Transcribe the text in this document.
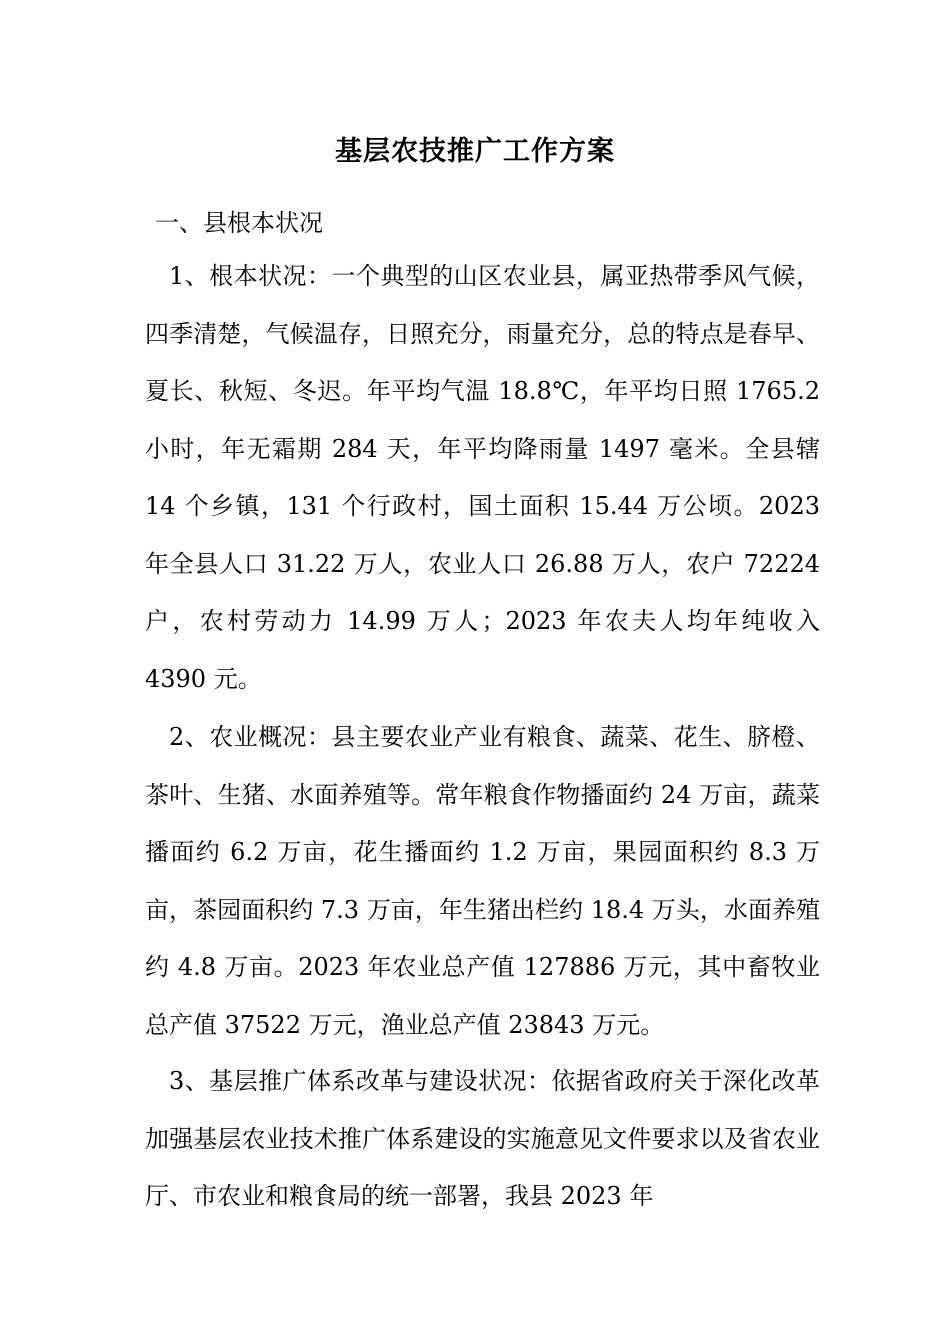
基层农技推广工作方案
一、县根本状况

1、根本状况：一个典型的山区农业县，属亚热带季风气候，四季清楚，气候温存，日照充分，雨量充分，总的特点是春早、夏长、秋短、冬迟。年平均气温 18.8℃，年平均日照 1765.2 小时，年无霜期 284 天，年平均降雨量 1497 毫米。全县辖 14 个乡镇，131 个行政村，国土面积 15.44 万公顷。2023 年全县人口 31.22 万人，农业人口 26.88 万人，农户 72224 户，农村劳动力 14.99 万人；2023 年农夫人均年纯收入 4390 元。

2、农业概况：县主要农业产业有粮食、蔬菜、花生、脐橙、茶叶、生猪、水面养殖等。常年粮食作物播面约 24 万亩，蔬菜播面约 6.2 万亩，花生播面约 1.2 万亩，果园面积约 8.3 万亩，茶园面积约 7.3 万亩，年生猪出栏约 18.4 万头，水面养殖约 4.8 万亩。2023 年农业总产值 127886 万元，其中畜牧业总产值 37522 万元，渔业总产值 23843 万元。

3、基层推广体系改革与建设状况：依据省政府关于深化改革加强基层农业技术推广体系建设的实施意见文件要求以及省农业厅、市农业和粮食局的统一部署，我县 2023 年
